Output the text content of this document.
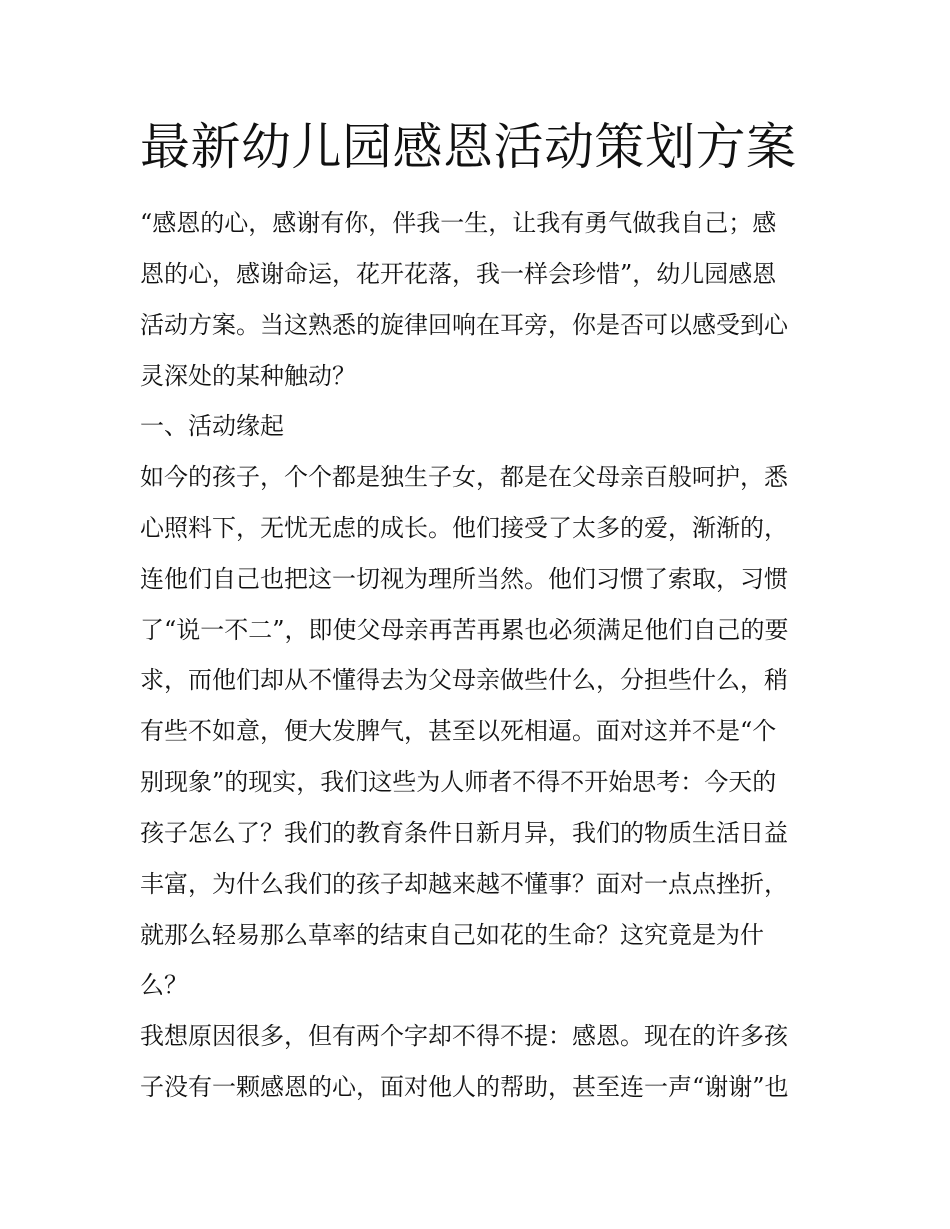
最新幼儿园感恩活动策划方案

“感恩的心，感谢有你，伴我一生，让我有勇气做我自己；感

恩的心，感谢命运，花开花落，我一样会珍惜”，幼儿园感恩

活动方案。当这熟悉的旋律回响在耳旁，你是否可以感受到心

灵深处的某种触动？

一、活动缘起

如今的孩子，个个都是独生子女，都是在父母亲百般呵护，悉

心照料下，无忧无虑的成长。他们接受了太多的爱，渐渐的，

连他们自己也把这一切视为理所当然。他们习惯了索取，习惯

了“说一不二”，即使父母亲再苦再累也必须满足他们自己的要

求，而他们却从不懂得去为父母亲做些什么，分担些什么，稍

有些不如意，便大发脾气，甚至以死相逼。面对这并不是“个

别现象”的现实，我们这些为人师者不得不开始思考：今天的

孩子怎么了？我们的教育条件日新月异，我们的物质生活日益

丰富，为什么我们的孩子却越来越不懂事？面对一点点挫折，

就那么轻易那么草率的结束自己如花的生命？这究竟是为什

么？

我想原因很多，但有两个字却不得不提：感恩。现在的许多孩

子没有一颗感恩的心，面对他人的帮助，甚至连一声“谢谢”也
